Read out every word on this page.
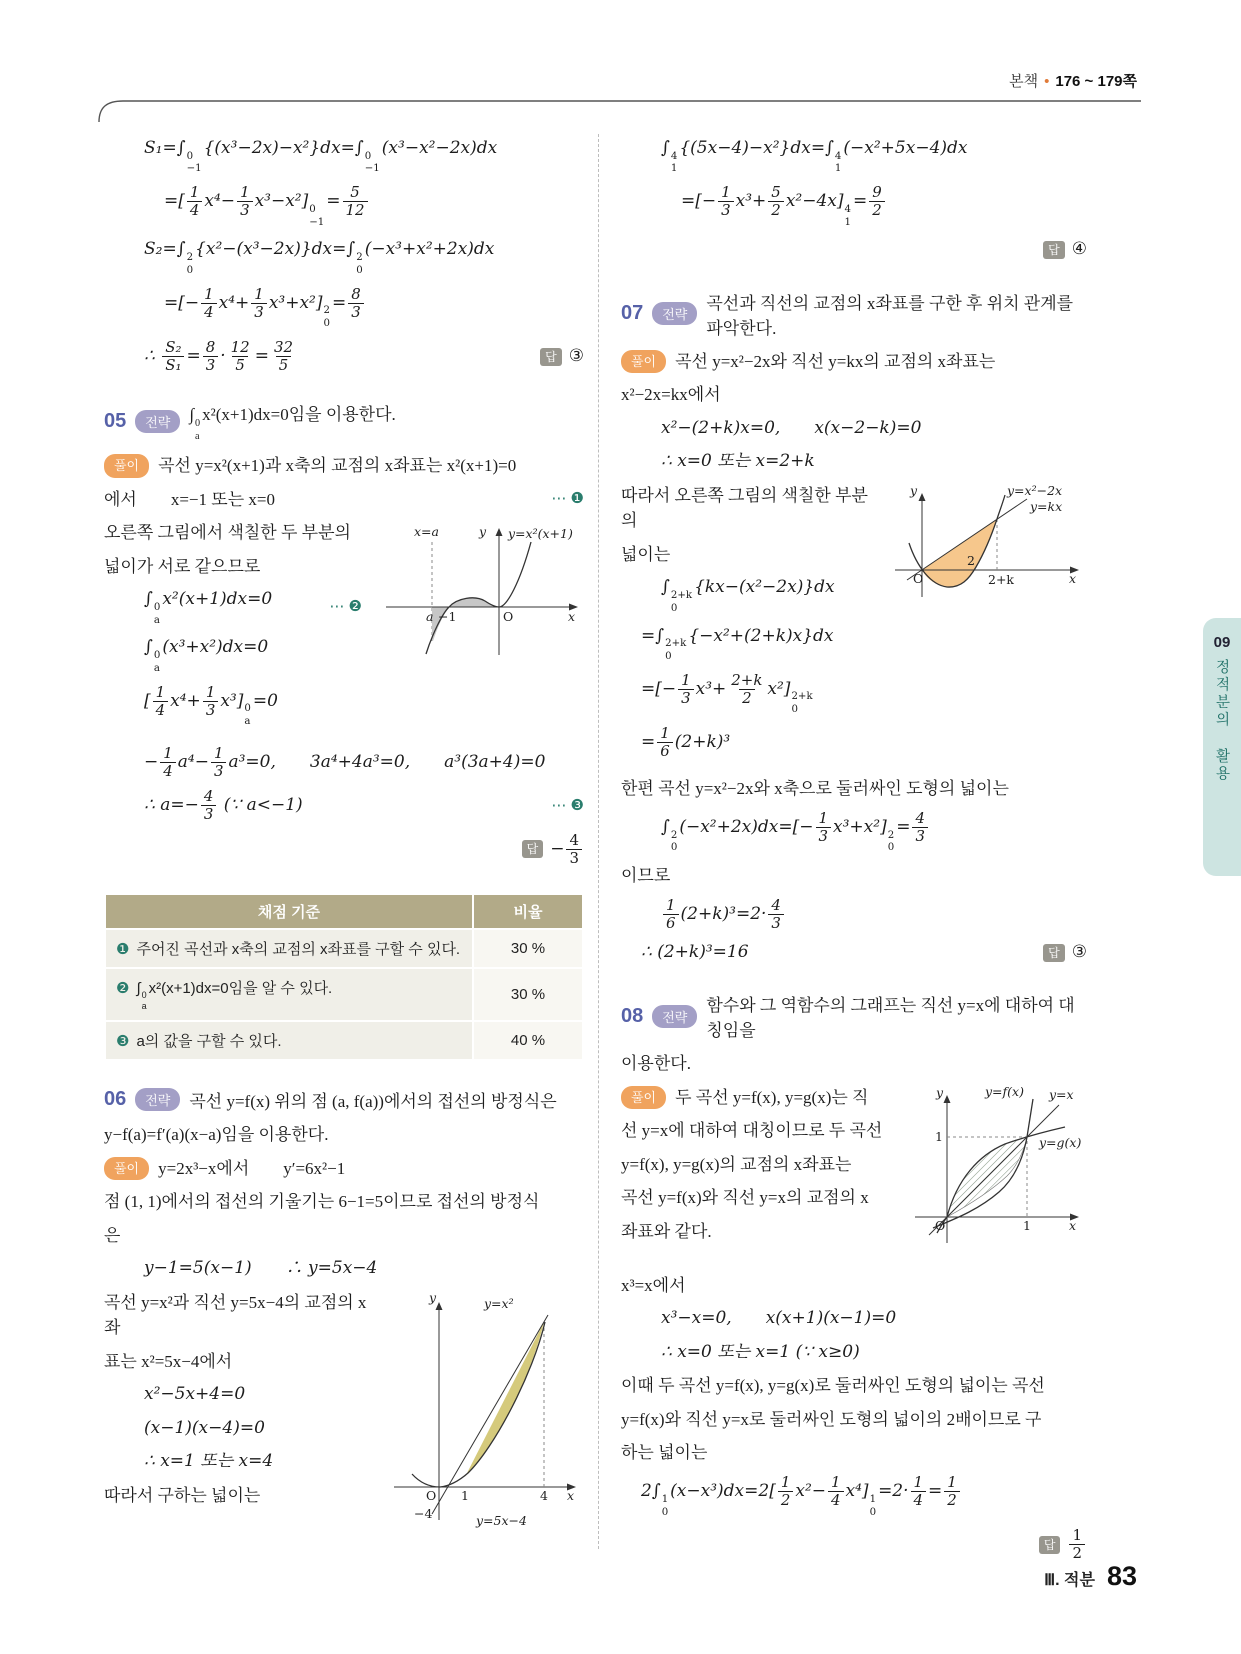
본책 • 176 ~ 179쪽
S₁=∫ 0
−1
{(x³−2x)−x²}dx=∫ 0
−1
(x³−x²−2x)dx
=[ $\frac{1}{4} x^4- \frac{1}{3} x^3-x^2$] 0
−1
= $\frac{5}{12}$
S₂=∫ 2
0
{x²−(x³−2x)}dx=∫ 2
0
(−x³+x²+2x)dx
=[− $\frac{1}{4} x^4+ \frac{1}{3} x^3+x^2$] 2
0
= $\frac{8}{3}$
∴ $\frac{\text{S₂}}{\text{S₁}} = \frac{8}{3} \cdot \frac{12}{5} = \frac{32}{5}$	답 ③
05	전략	∫ 0
a
x²(x+1)dx=0임을 이용한다.
풀이	곡선 y=x²(x+1)과 x축의 교점의 x좌표는 x²(x+1)=0
에서　　x=−1 또는 x=0	⋯ ❶
x=a	y y=x²(x+1)
a −1	O	x
오른쪽 그림에서 색칠한 두 부분의
넓이가 서로 같으므로
∫ 0
a
x²(x+1)dx=0	⋯ ❷
∫ 0
a
(x³+x²)dx=0
[ $\frac{1}{4} x^4+ \frac{1}{3} x^3$] 0
a
=0
− $\frac{1}{4} a^4- \frac{1}{3} a^3=0$,　　3a⁴+4a³=0,　　a³(3a+4)=0
∴ $a=- \frac{4}{3}$ (∵ a<−1)	⋯ ❸
답 − $\frac{4}{3}$
채점 기준	비율
❶ 주어진 곡선과 x축의 교점의 x좌표를 구할 수 있다.	30 %
❷ ∫ 0
a
x²(x+1)dx=0임을 알 수 있다.	30 %
❸ a의 값을 구할 수 있다.	40 %
06	전략	곡선 y=f(x) 위의 점 (a, f(a))에서의 접선의 방정식은
y−f(a)=f′(a)(x−a)임을 이용한다.
풀이	y=2x³−x에서　　y′=6x²−1
점 (1, 1)에서의 접선의 기울기는 6−1=5이므로 접선의 방정식
은
y−1=5(x−1)　　∴ y=5x−4
y	y=x²
O 1	4 x
−4	y=5x−4
곡선 y=x²과 직선 y=5x−4의 교점의 x좌
표는 x²=5x−4에서
x²−5x+4=0
(x−1)(x−4)=0
∴ x=1 또는 x=4
따라서 구하는 넓이는
∫ 4
1
{(5x−4)−x²}dx=∫ 4
1
(−x²+5x−4)dx
=[− $\frac{1}{3} x^3+ \frac{5}{2} x^2-4x$] 4
1
= $\frac{9}{2}$
답 ④
07	전략
곡선과 직선의 교점의 x좌표를 구한 후 위치 관계를 파악한다.
풀이	곡선 y=x²−2x와 직선 y=kx의 교점의 x좌표는
x²−2x=kx에서
x²−(2+k)x=0,　　x(x−2−k)=0
∴ x=0 또는 x=2+k
y	y=x²−2x
y=kx
O
2
2+k	x
따라서 오른쪽 그림의 색칠한 부분의
넓이는
∫ 2+k
0
{kx−(x²−2x)}dx
=∫ 2+k
0
{−x²+(2+k)x}dx
=[− $\frac{1}{3} x^3+ \frac{2+k}{2} x^2$] 2+k
0
= $\frac{1}{6} (2+k)^3$
한편 곡선 y=x²−2x와 x축으로 둘러싸인 도형의 넓이는
∫ 2
0
$(-x^2+2x)dx=[- \frac{1}{3} x^3+x^2]$ 2
0
= $\frac{4}{3}$
이므로
$\frac{1}{6} (2+k)^3=2\cdot \frac{4}{3}$
∴ (2+k)³=16	답 ③
08	전략
함수와 그 역함수의 그래프는 직선 y=x에 대하여 대칭임을
이용한다.
y	y=f(x) y=x
y=g(x)
1
O	1	x
풀이	두 곡선 y=f(x), y=g(x)는 직
선 y=x에 대하여 대칭이므로 두 곡선
y=f(x), y=g(x)의 교점의 x좌표는
곡선 y=f(x)와 직선 y=x의 교점의 x
좌표와 같다.
x³=x에서
x³−x=0,　　x(x+1)(x−1)=0
∴ x=0 또는 x=1 (∵ x≥0)
이때 두 곡선 y=f(x), y=g(x)로 둘러싸인 도형의 넓이는 곡선
y=f(x)와 직선 y=x로 둘러싸인 도형의 넓이의 2배이므로 구
하는 넓이는
2∫ 1
0
$(x-x^3)dx=2[ \frac{1}{2} x^2- \frac{1}{4} x^4]$ 1
0
$=2\cdot \frac{1}{4} = \frac{1}{2}$
답 $\frac{1}{2}$
09
정적분의 활용
Ⅲ. 적분 83
